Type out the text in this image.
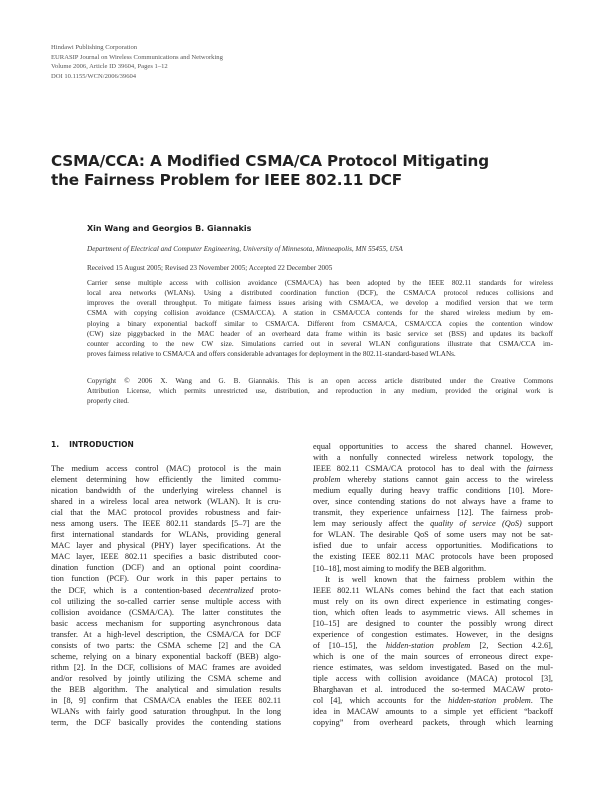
Hindawi Publishing Corporation
EURASIP Journal on Wireless Communications and Networking
Volume 2006, Article ID 39604, Pages 1–12
DOI 10.1155/WCN/2006/39604
CSMA/CCA: A Modified CSMA/CA Protocol Mitigating
the Fairness Problem for IEEE 802.11 DCF
Xin Wang and Georgios B. Giannakis
Department of Electrical and Computer Engineering, University of Minnesota, Minneapolis, MN 55455, USA
Received 15 August 2005; Revised 23 November 2005; Accepted 22 December 2005
Carrier sense multiple access with collision avoidance (CSMA/CA) has been adopted by the IEEE 802.11 standards for wireless
local area networks (WLANs). Using a distributed coordination function (DCF), the CSMA/CA protocol reduces collisions and
improves the overall throughput. To mitigate fairness issues arising with CSMA/CA, we develop a modified version that we term
CSMA with copying collision avoidance (CSMA/CCA). A station in CSMA/CCA contends for the shared wireless medium by em-
ploying a binary exponential backoff similar to CSMA/CA. Different from CSMA/CA, CSMA/CCA copies the contention window
(CW) size piggybacked in the MAC header of an overheard data frame within its basic service set (BSS) and updates its backoff
counter according to the new CW size. Simulations carried out in several WLAN configurations illustrate that CSMA/CCA im-
proves fairness relative to CSMA/CA and offers considerable advantages for deployment in the 802.11-standard-based WLANs.
Copyright © 2006 X. Wang and G. B. Giannakis. This is an open access article distributed under the Creative Commons
Attribution License, which permits unrestricted use, distribution, and reproduction in any medium, provided the original work is
properly cited.
1. INTRODUCTION
The medium access control (MAC) protocol is the main
element determining how efficiently the limited commu-
nication bandwidth of the underlying wireless channel is
shared in a wireless local area network (WLAN). It is cru-
cial that the MAC protocol provides robustness and fair-
ness among users. The IEEE 802.11 standards [5–7] are the
first international standards for WLANs, providing general
MAC layer and physical (PHY) layer specifications. At the
MAC layer, IEEE 802.11 specifies a basic distributed coor-
dination function (DCF) and an optional point coordina-
tion function (PCF). Our work in this paper pertains to
the DCF, which is a contention-based decentralized proto-
col utilizing the so-called carrier sense multiple access with
collision avoidance (CSMA/CA). The latter constitutes the
basic access mechanism for supporting asynchronous data
transfer. At a high-level description, the CSMA/CA for DCF
consists of two parts: the CSMA scheme [2] and the CA
scheme, relying on a binary exponential backoff (BEB) algo-
rithm [2]. In the DCF, collisions of MAC frames are avoided
and/or resolved by jointly utilizing the CSMA scheme and
the BEB algorithm. The analytical and simulation results
in [8, 9] confirm that CSMA/CA enables the IEEE 802.11
WLANs with fairly good saturation throughput. In the long
term, the DCF basically provides the contending stations
equal opportunities to access the shared channel. However,
with a nonfully connected wireless network topology, the
IEEE 802.11 CSMA/CA protocol has to deal with the fairness
problem whereby stations cannot gain access to the wireless
medium equally during heavy traffic conditions [10]. More-
over, since contending stations do not always have a frame to
transmit, they experience unfairness [12]. The fairness prob-
lem may seriously affect the quality of service (QoS) support
for WLAN. The desirable QoS of some users may not be sat-
isfied due to unfair access opportunities. Modifications to
the existing IEEE 802.11 MAC protocols have been proposed
[10–18], most aiming to modify the BEB algorithm.
It is well known that the fairness problem within the
IEEE 802.11 WLANs comes behind the fact that each station
must rely on its own direct experience in estimating conges-
tion, which often leads to asymmetric views. All schemes in
[10–15] are designed to counter the possibly wrong direct
experience of congestion estimates. However, in the designs
of [10–15], the hidden-station problem [2, Section 4.2.6],
which is one of the main sources of erroneous direct expe-
rience estimates, was seldom investigated. Based on the mul-
tiple access with collision avoidance (MACA) protocol [3],
Bharghavan et al. introduced the so-termed MACAW proto-
col [4], which accounts for the hidden-station problem. The
idea in MACAW amounts to a simple yet efficient “backoff
copying” from overheard packets, through which learning
